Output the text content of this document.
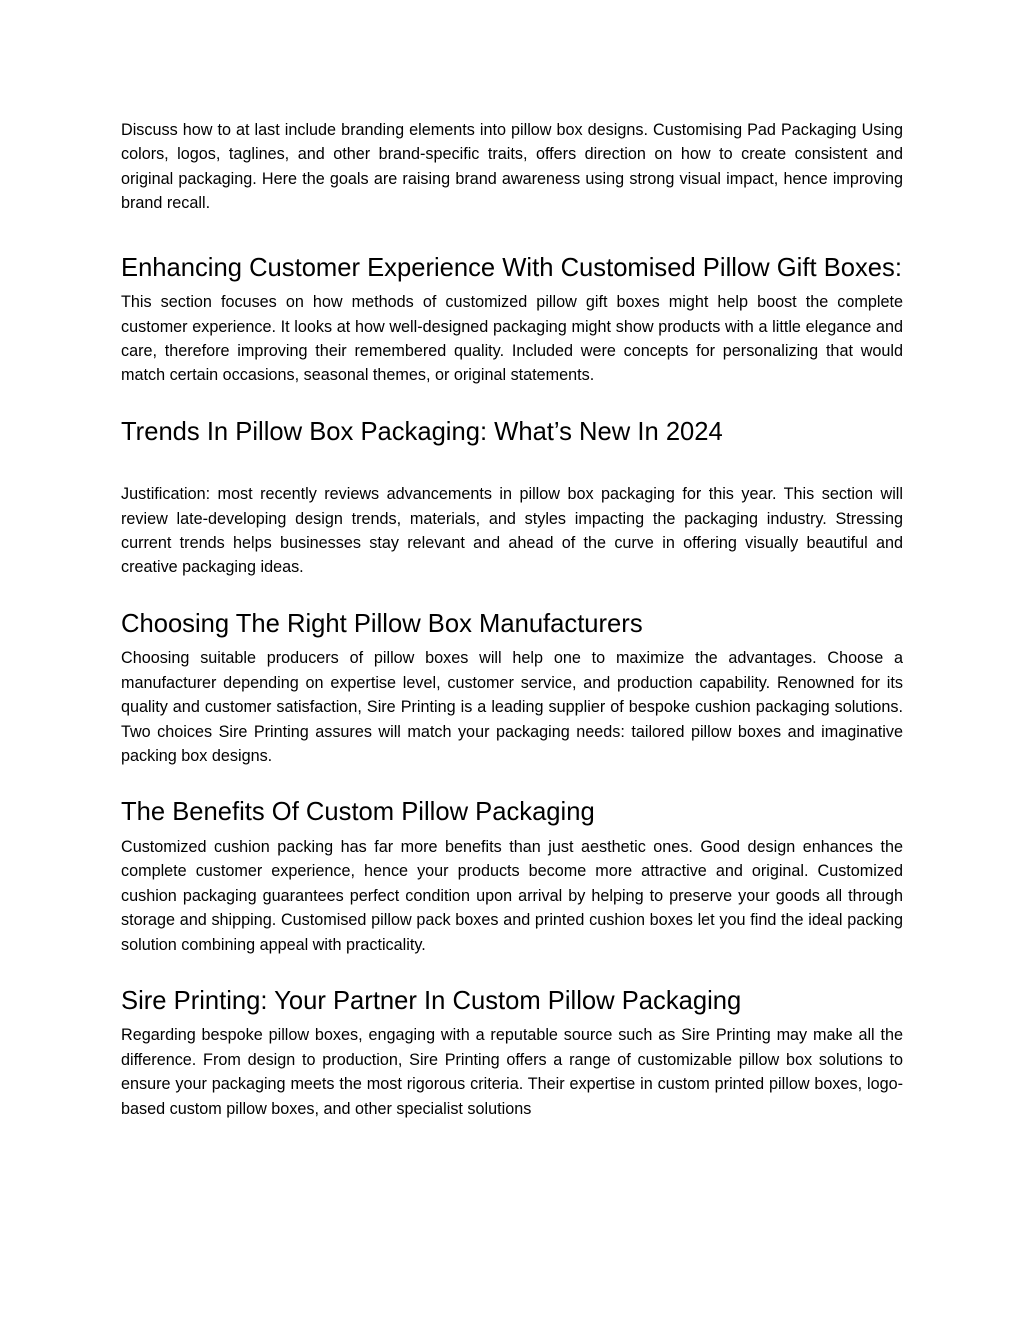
Discuss how to at last include branding elements into pillow box designs. Customising Pad Packaging Using colors, logos, taglines, and other brand-specific traits, offers direction on how to create consistent and original packaging. Here the goals are raising brand awareness using strong visual impact, hence improving brand recall.

Enhancing Customer Experience With Customised Pillow Gift Boxes:

This section focuses on how methods of customized pillow gift boxes might help boost the complete customer experience. It looks at how well-designed packaging might show products with a little elegance and care, therefore improving their remembered quality. Included were concepts for personalizing that would match certain occasions, seasonal themes, or original statements.

Trends In Pillow Box Packaging: What’s New In 2024

Justification: most recently reviews advancements in pillow box packaging for this year. This section will review late-developing design trends, materials, and styles impacting the packaging industry. Stressing current trends helps businesses stay relevant and ahead of the curve in offering visually beautiful and creative packaging ideas.

Choosing The Right Pillow Box Manufacturers

Choosing suitable producers of pillow boxes will help one to maximize the advantages. Choose a manufacturer depending on expertise level, customer service, and production capability. Renowned for its quality and customer satisfaction, Sire Printing is a leading supplier of bespoke cushion packaging solutions. Two choices Sire Printing assures will match your packaging needs: tailored pillow boxes and imaginative packing box designs.

The Benefits Of Custom Pillow Packaging

Customized cushion packing has far more benefits than just aesthetic ones. Good design enhances the complete customer experience, hence your products become more attractive and original. Customized cushion packaging guarantees perfect condition upon arrival by helping to preserve your goods all through storage and shipping. Customised pillow pack boxes and printed cushion boxes let you find the ideal packing solution combining appeal with practicality.

Sire Printing: Your Partner In Custom Pillow Packaging

Regarding bespoke pillow boxes, engaging with a reputable source such as Sire Printing may make all the difference. From design to production, Sire Printing offers a range of customizable pillow box solutions to ensure your packaging meets the most rigorous criteria. Their expertise in custom printed pillow boxes, logo-based custom pillow boxes, and other specialist solutions
